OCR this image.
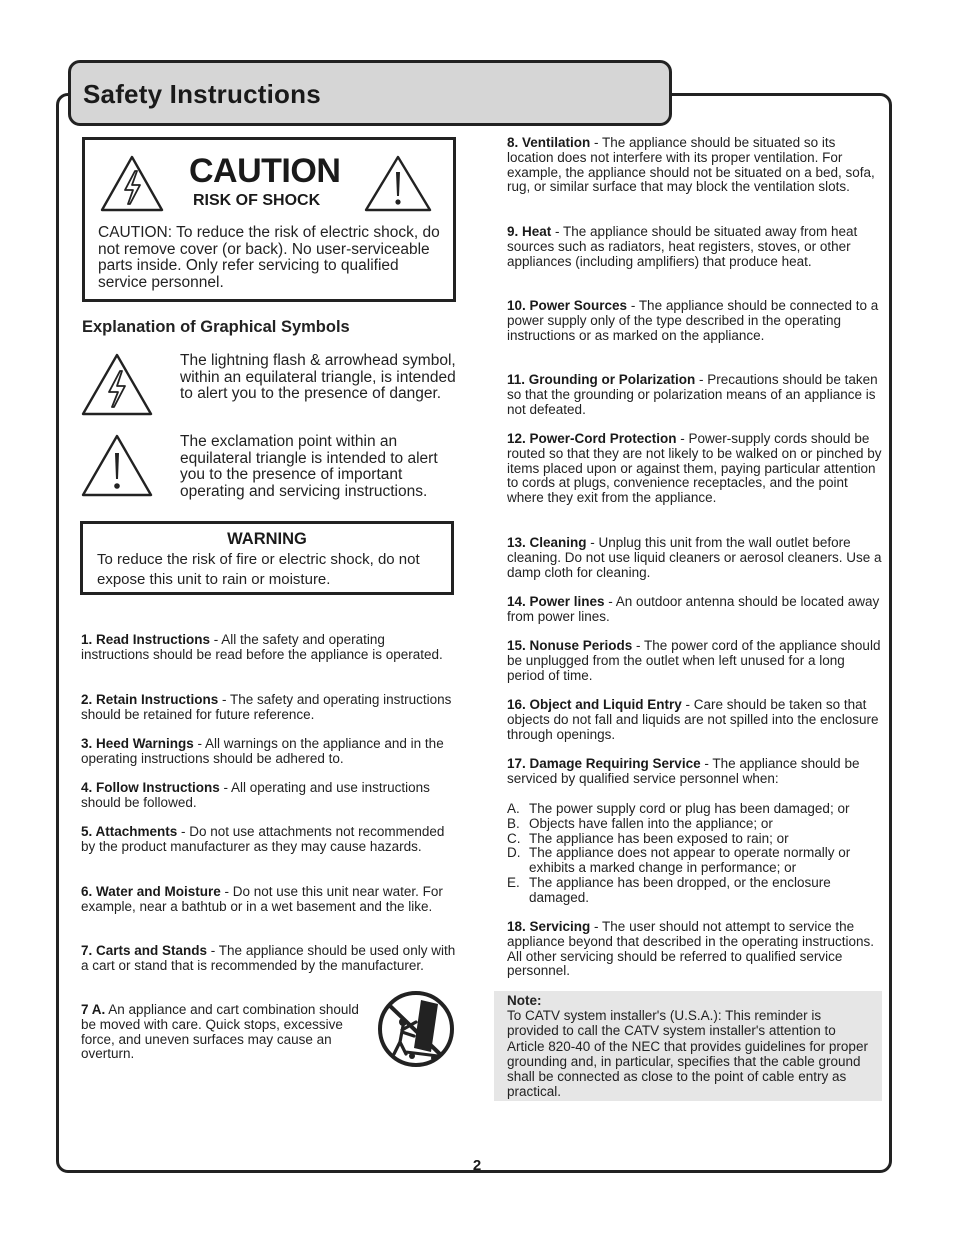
Safety Instructions
CAUTION
RISK OF SHOCK
CAUTION: To reduce the risk of electric shock, do not remove cover (or back). No user-serviceable parts inside. Only refer servicing to qualified service personnel.
Explanation of Graphical Symbols
The lightning flash & arrowhead symbol, within an equilateral triangle, is intended to alert you to the presence of danger.
The exclamation point within an equilateral triangle is intended to alert you to the presence of important operating and servicing instructions.
WARNING
To reduce the risk of fire or electric shock, do not expose this unit to rain or moisture.

1. Read Instructions - All the safety and operating instructions should be read before the appliance is operated.

2. Retain Instructions - The safety and operating instructions should be retained for future reference.

3. Heed Warnings - All warnings on the appliance and in the operating instructions should be adhered to.

4. Follow Instructions - All operating and use instructions should be followed.

5. Attachments - Do not use attachments not recommended by the product manufacturer as they may cause hazards.

6. Water and Moisture - Do not use this unit near water. For example, near a bathtub or in a wet basement and the like.

7. Carts and Stands - The appliance should be used only with a cart or stand that is recommended by the manufacturer.

7 A. An appliance and cart combination should be moved with care. Quick stops, excessive force, and uneven surfaces may cause an overturn.

8. Ventilation - The appliance should be situated so its location does not interfere with its proper ventilation. For example, the appliance should not be situated on a bed, sofa, rug, or similar surface that may block the ventilation slots.

9. Heat - The appliance should be situated away from heat sources such as radiators, heat registers, stoves, or other appliances (including amplifiers) that produce heat.

10. Power Sources - The appliance should be connected to a power supply only of the type described in the operating instructions or as marked on the appliance.

11. Grounding or Polarization - Precautions should be taken so that the grounding or polarization means of an appliance is not defeated.

12. Power-Cord Protection - Power-supply cords should be routed so that they are not likely to be walked on or pinched by items placed upon or against them, paying particular attention to cords at plugs, convenience receptacles, and the point where they exit from the appliance.

13. Cleaning - Unplug this unit from the wall outlet before cleaning. Do not use liquid cleaners or aerosol cleaners. Use a damp cloth for cleaning.

14. Power lines - An outdoor antenna should be located away from power lines.

15. Nonuse Periods - The power cord of the appliance should be unplugged from the outlet when left unused for a long period of time.

16. Object and Liquid Entry - Care should be taken so that objects do not fall and liquids are not spilled into the enclosure through openings.

17. Damage Requiring Service - The appliance should be serviced by qualified service personnel when:

A. The power supply cord or plug has been damaged; or
B. Objects have fallen into the appliance; or
C. The appliance has been exposed to rain; or
D. The appliance does not appear to operate normally or exhibits a marked change in performance; or
E. The appliance has been dropped, or the enclosure damaged.

18. Servicing - The user should not attempt to service the appliance beyond that described in the operating instructions. All other servicing should be referred to qualified service personnel.

Note:
To CATV system installer's (U.S.A.): This reminder is provided to call the CATV system installer's attention to Article 820-40 of the NEC that provides guidelines for proper grounding and, in particular, specifies that the cable ground shall be connected as close to the point of cable entry as practical.
2
